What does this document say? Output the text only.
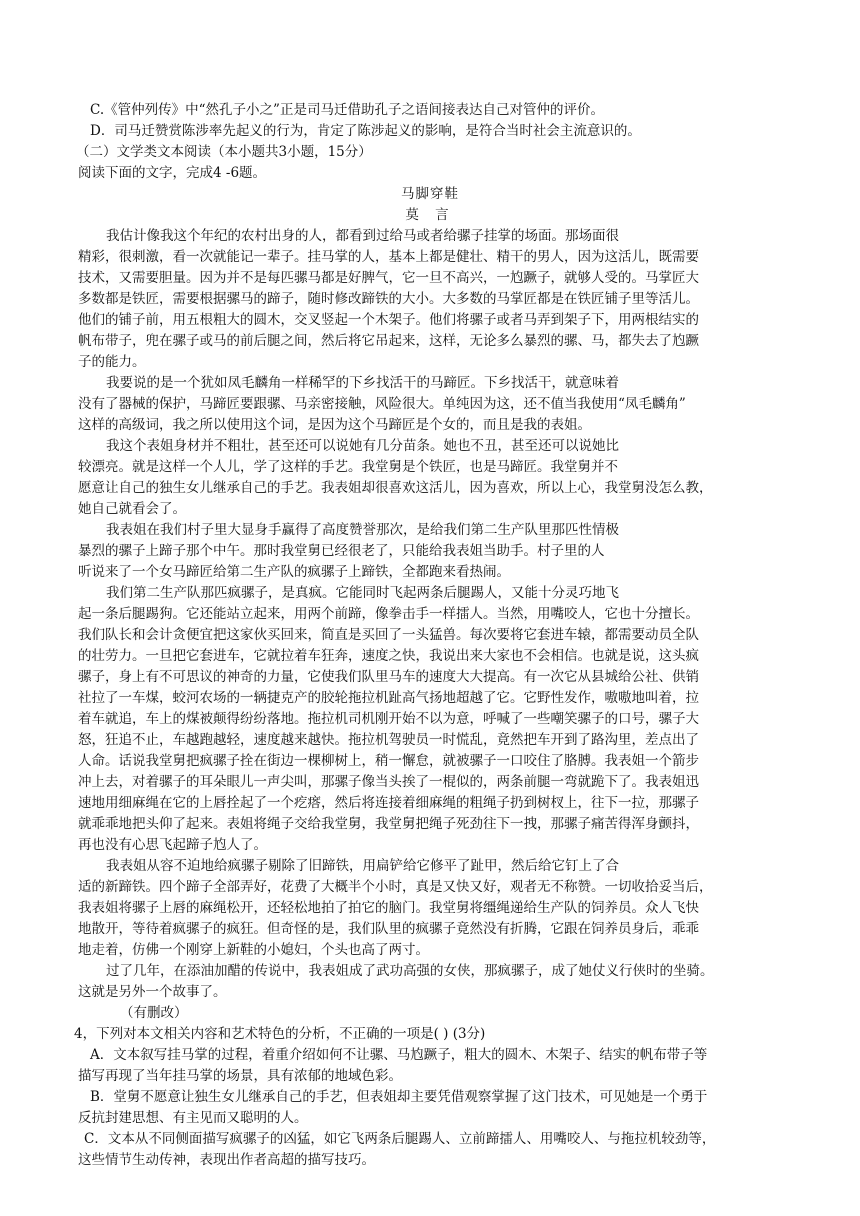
C.《管仲列传》中“然孔子小之”正是司马迁借助孔子之语间接表达自己对管仲的评价。
D．司马迁赞赏陈涉率先起义的行为，肯定了陈涉起义的影响，是符合当时社会主流意识的。
（二）文学类文本阅读（本小题共3小题，15分）
阅读下面的文字，完成4 -6题。
马脚穿鞋
莫 言
我估计像我这个年纪的农村出身的人，都看到过给马或者给骡子挂掌的场面。那场面很
精彩，很刺激，看一次就能记一辈子。挂马掌的人，基本上都是健壮、精干的男人，因为这活儿，既需要
技术，又需要胆量。因为并不是每匹骡马都是好脾气，它一旦不高兴，一尥蹶子，就够人受的。马掌匠大
多数都是铁匠，需要根据骡马的蹄子，随时修改蹄铁的大小。大多数的马掌匠都是在铁匠铺子里等活儿。
他们的铺子前，用五根粗大的圆木，交叉竖起一个木架子。他们将骡子或者马弄到架子下，用两根结实的
帆布带子，兜在骡子或马的前后腿之间，然后将它吊起来，这样，无论多么暴烈的骡、马，都失去了尥蹶
子的能力。
我要说的是一个犹如凤毛麟角一样稀罕的下乡找活干的马蹄匠。下乡找活干，就意味着
没有了器械的保护，马蹄匠要跟骡、马亲密接触，风险很大。单纯因为这，还不值当我使用“凤毛麟角”
这样的高级词，我之所以使用这个词，是因为这个马蹄匠是个女的，而且是我的表姐。
我这个表姐身材并不粗壮，甚至还可以说她有几分苗条。她也不丑，甚至还可以说她比
较漂亮。就是这样一个人儿，学了这样的手艺。我堂舅是个铁匠，也是马蹄匠。我堂舅并不
愿意让自己的独生女儿继承自己的手艺。我表姐却很喜欢这活儿，因为喜欢，所以上心，我堂舅没怎么教，
她自己就看会了。
我表姐在我们村子里大显身手赢得了高度赞誉那次，是给我们第二生产队里那匹性情极
暴烈的骡子上蹄子那个中午。那时我堂舅已经很老了，只能给我表姐当助手。村子里的人
听说来了一个女马蹄匠给第二生产队的疯骡子上蹄铁，全都跑来看热闹。
我们第二生产队那匹疯骡子，是真疯。它能同时飞起两条后腿踢人，又能十分灵巧地飞
起一条后腿踢狗。它还能站立起来，用两个前蹄，像拳击手一样擂人。当然，用嘴咬人，它也十分擅长。
我们队长和会计贪便宜把这家伙买回来，简直是买回了一头猛兽。每次要将它套进车辕，都需要动员全队
的壮劳力。一旦把它套进车，它就拉着车狂奔，速度之快，我说出来大家也不会相信。也就是说，这头疯
骡子，身上有不可思议的神奇的力量，它使我们队里马车的速度大大提高。有一次它从县城给公社、供销
社拉了一车煤，蛟河农场的一辆捷克产的胶轮拖拉机趾高气扬地超越了它。它野性发作，嗷嗷地叫着，拉
着车就追，车上的煤被颠得纷纷落地。拖拉机司机刚开始不以为意，呼喊了一些嘲笑骡子的口号，骡子大
怒，狂追不止，车越跑越轻，速度越来越快。拖拉机驾驶员一时慌乱，竟然把车开到了路沟里，差点出了
人命。话说我堂舅把疯骡子拴在街边一棵柳树上，稍一懈怠，就被骡子一口咬住了胳膊。我表姐一个箭步
冲上去，对着骡子的耳朵眼儿一声尖叫，那骡子像当头挨了一棍似的，两条前腿一弯就跪下了。我表姐迅
速地用细麻绳在它的上唇拴起了一个疙瘩，然后将连接着细麻绳的粗绳子扔到树杈上，往下一拉，那骡子
就乖乖地把头仰了起来。表姐将绳子交给我堂舅，我堂舅把绳子死劲往下一拽，那骡子痛苦得浑身颤抖，
再也没有心思飞起蹄子尥人了。
我表姐从容不迫地给疯骡子剔除了旧蹄铁，用扁铲给它修平了趾甲，然后给它钉上了合
适的新蹄铁。四个蹄子全部弄好，花费了大概半个小时，真是又快又好，观者无不称赞。一切收拾妥当后，
我表姐将骡子上唇的麻绳松开，还轻松地拍了拍它的脑门。我堂舅将缰绳递给生产队的饲养员。众人飞快
地散开，等待着疯骡子的疯狂。但奇怪的是，我们队里的疯骡子竟然没有折腾，它跟在饲养员身后，乖乖
地走着，仿佛一个刚穿上新鞋的小媳妇，个头也高了两寸。
过了几年，在添油加醋的传说中，我表姐成了武功高强的女侠，那疯骡子，成了她仗义行侠时的坐骑。
这就是另外一个故事了。
（有删改）
4，下列对本文相关内容和艺术特色的分析，不正确的一项是( ) (3分)
A．文本叙写挂马掌的过程，着重介绍如何不让骡、马尥蹶子，粗大的圆木、木架子、结实的帆布带子等
描写再现了当年挂马掌的场景，具有浓郁的地域色彩。
B．堂舅不愿意让独生女儿继承自己的手艺，但表姐却主要凭借观察掌握了这门技术，可见她是一个勇于
反抗封建思想、有主见而又聪明的人。
C．文本从不同侧面描写疯骡子的凶猛，如它飞两条后腿踢人、立前蹄擂人、用嘴咬人、与拖拉机较劲等，
这些情节生动传神，表现出作者高超的描写技巧。
